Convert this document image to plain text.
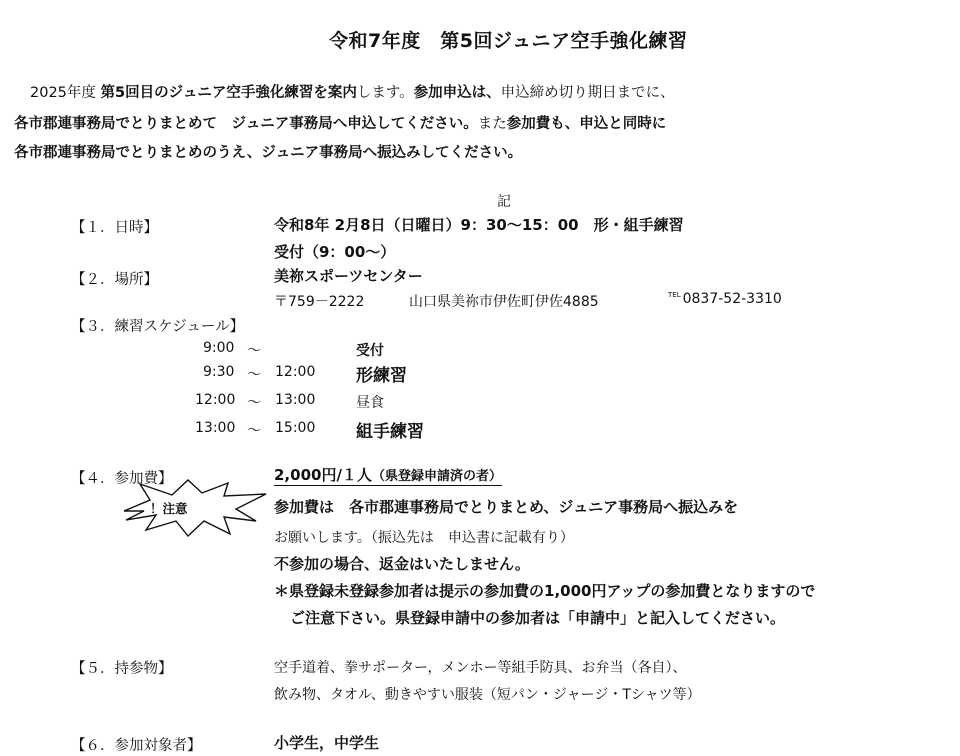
令和7年度　第5回ジュニア空手強化練習
2025年度 第5回目のジュニア空手強化練習を案内します。参加申込は、申込締め切り期日までに、
各市郡連事務局でとりまとめて　ジュニア事務局へ申込してください。また参加費も、申込と同時に
各市郡連事務局でとりまとめのうえ、ジュニア事務局へ振込みしてください。
記
【１．日時】	令和8年 2月8日（日曜日）9：30〜15：00　形・組手練習
受付（9：00〜）
【２．場所】	美祢スポーツセンター
〒759－2222	山口県美祢市伊佐町伊佐4885	$^{TEL}$ 0837-52-3310
【３．練習スケジュール】
9:00 〜	受付
9:30 〜 12:00 形練習
12:00 〜 13:00	昼食
13:00 〜 15:00 組手練習
【４．参加費】	2,000円/１人（県登録申請済の者）
！注意	参加費は　各市郡連事務局でとりまとめ、ジュニア事務局へ振込みを
お願いします。（振込先は　申込書に記載有り）
不参加の場合、返金はいたしません。
＊県登録未登録参加者は提示の参加費の1,000円アップの参加費となりますので
ご注意下さい。県登録申請中の参加者は「申請中」と記入してください。
【５．持参物】	空手道着、拳サポーター，メンホー等組手防具、お弁当（各自）、
飲み物、タオル、動きやすい服装（短パン・ジャージ・Tシャツ等）
【６．参加対象者】	小学生，中学生
